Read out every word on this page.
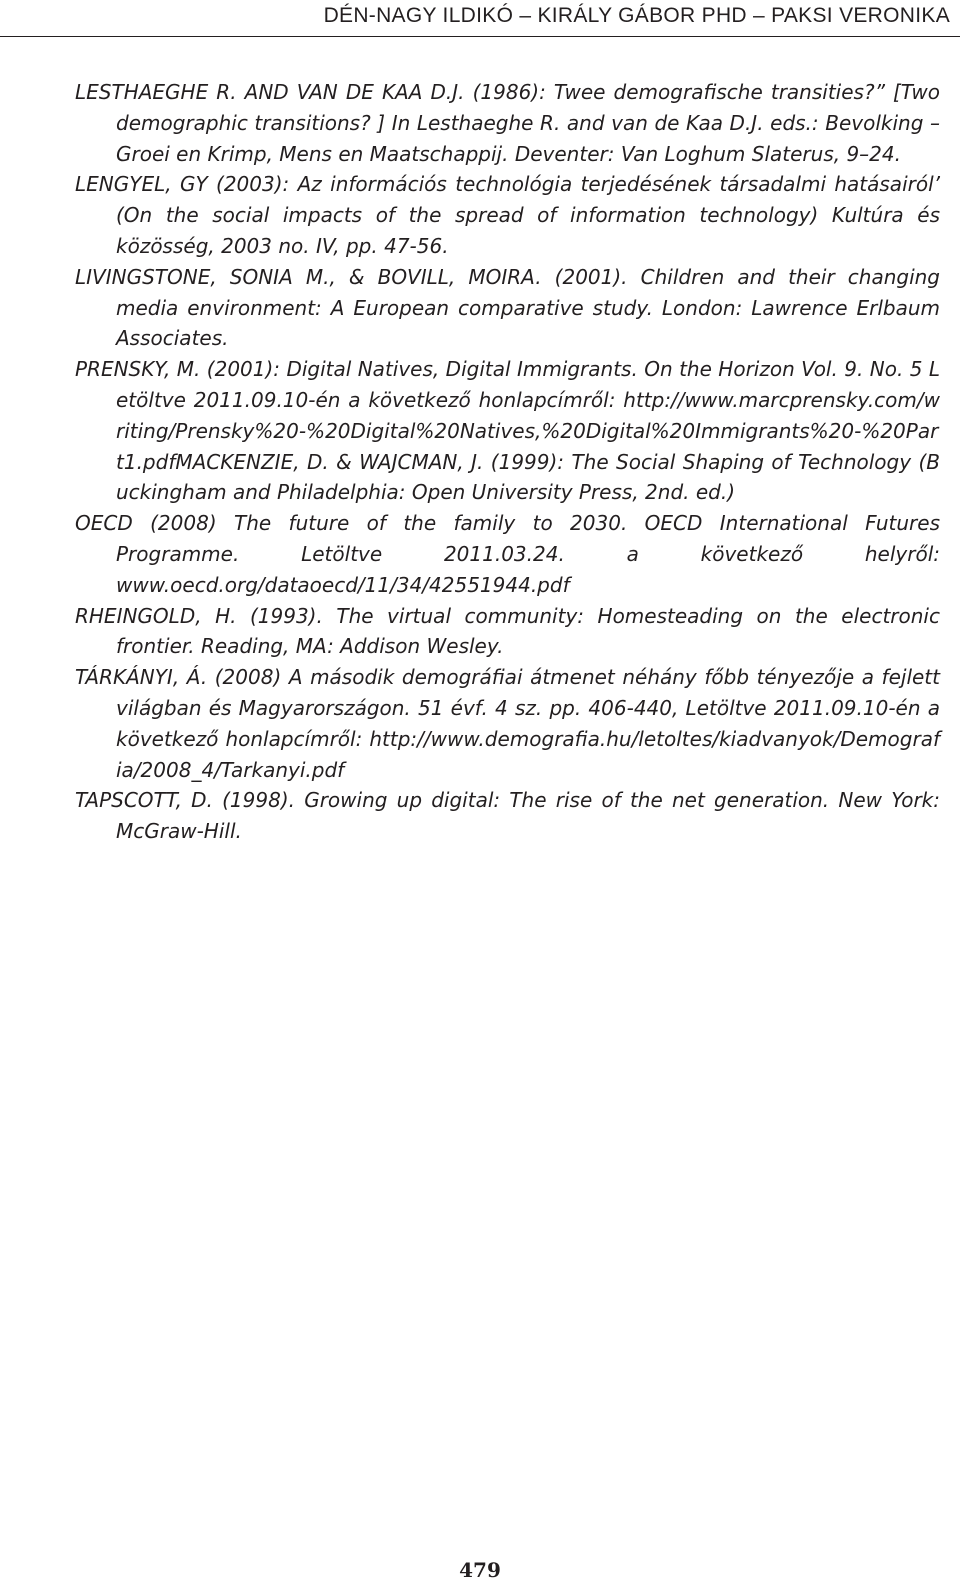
DÉN-NAGY ILDIKÓ – KIRÁLY GÁBOR PHD – PAKSI VERONIKA
LESTHAEGHE R. AND VAN DE KAA D.J. (1986): Twee demografische transities?” [Two demographic transitions? ] In Lesthaeghe R. and van de Kaa D.J. eds.: Bevolking – Groei en Krimp, Mens en Maatschappij. Deventer: Van Loghum Slaterus, 9–24.
LENGYEL, GY (2003): Az információs technológia terjedésének társadalmi hatásairól’ (On the social impacts of the spread of information technology) Kultúra és közösség, 2003 no. IV, pp. 47-56.
LIVINGSTONE, SONIA M., & BOVILL, MOIRA. (2001). Children and their changing media environment: A European comparative study. London: Lawrence Erlbaum Associates.
PRENSKY, M. (2001): Digital Natives, Digital Immigrants. On the Horizon Vol. 9. No. 5 Letöltve 2011.09.10-én a következő honlapcímről: http://www.marcprensky.com/writing/Prensky%20-%20Digital%20Natives,%20Digital%20Immigrants%20-%20Part1.pdfMACKENZIE, D. & WAJCMAN, J. (1999): The Social Shaping of Technology (Buckingham and Philadelphia: Open University Press, 2nd. ed.)
OECD (2008) The future of the family to 2030. OECD International Futures Programme. Letöltve 2011.03.24. a következő helyről: www.oecd.org/dataoecd/11/34/42551944.pdf
RHEINGOLD, H. (1993). The virtual community: Homesteading on the electronic frontier. Reading, MA: Addison Wesley.
TÁRKÁNYI, Á. (2008) A második demográfiai átmenet néhány főbb tényezője a fejlett világban és Magyarországon. 51 évf. 4 sz. pp. 406-440, Letöltve 2011.09.10-én a következő honlapcímről: http://www.demografia.hu/letoltes/kiadvanyok/Demografia/2008_4/Tarkanyi.pdf
TAPSCOTT, D. (1998). Growing up digital: The rise of the net generation. New York: McGraw-Hill.
479
